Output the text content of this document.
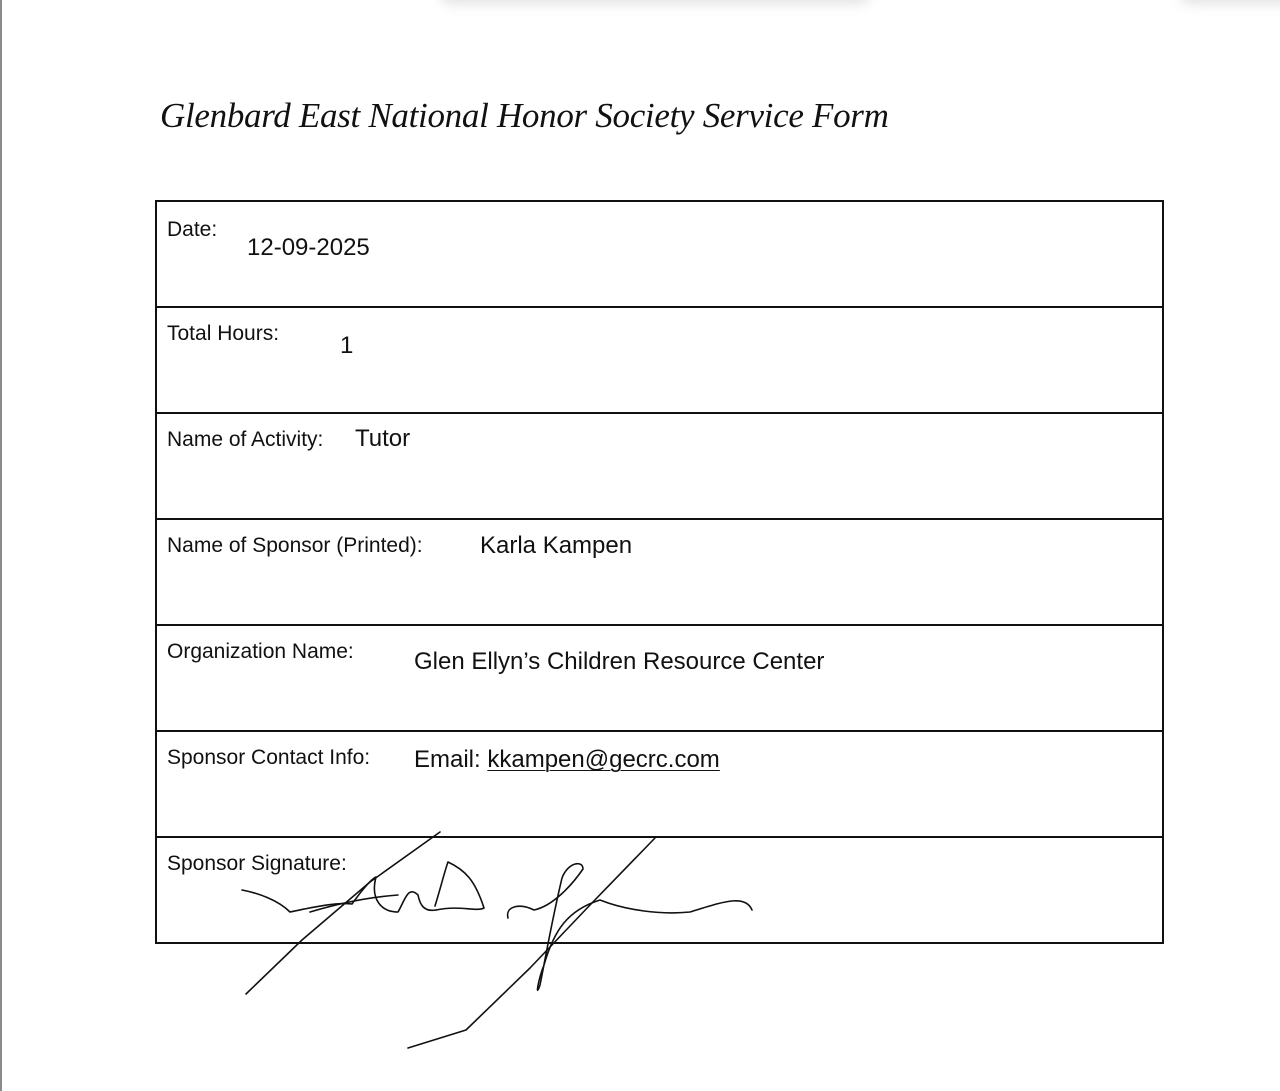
Glenbard East National Honor Society Service Form
Date:
12-09-2025
Total Hours:	1
Name of Activity: Tutor
Name of Sponsor (Printed): Karla Kampen
Organization Name:	Glen Ellyn’s Children Resource Center
Sponsor Contact Info: Email: kkampen@gecrc.com
Sponsor Signature:
